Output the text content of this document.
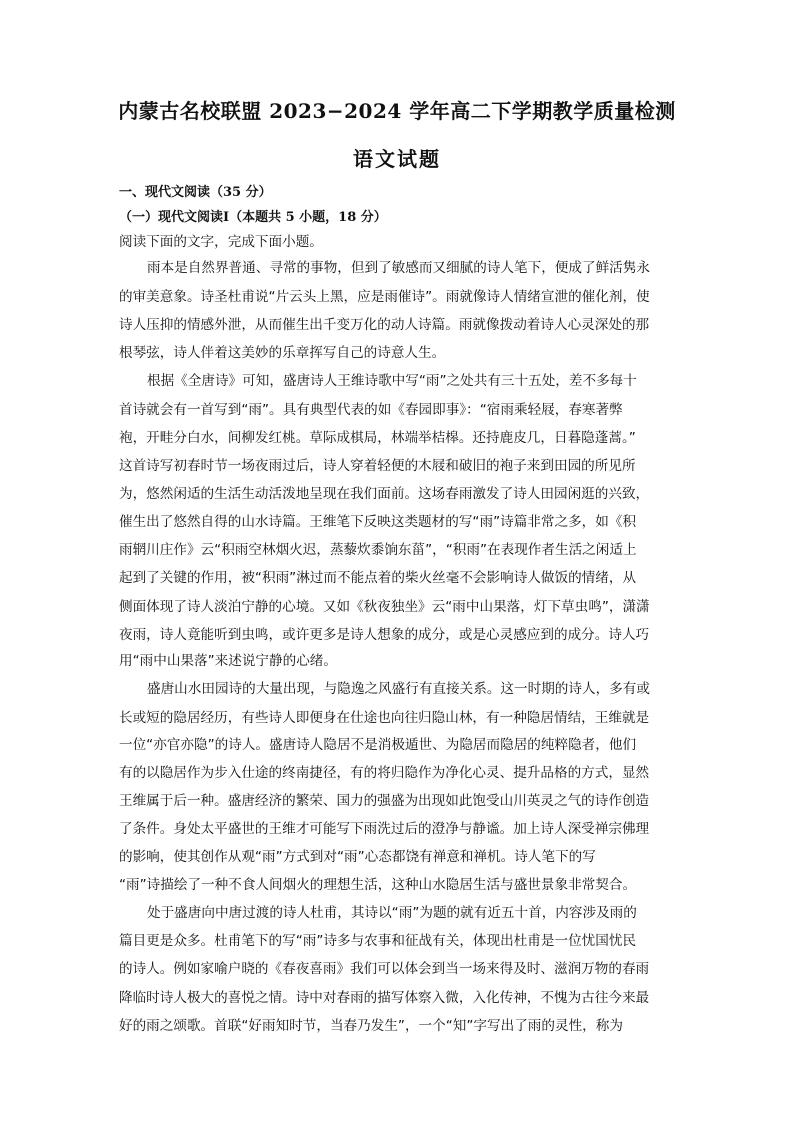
内蒙古名校联盟 2023−2024 学年高二下学期教学质量检测
语文试题
一、现代文阅读（35 分）
（一）现代文阅读Ⅰ（本题共 5 小题，18 分）
阅读下面的文字，完成下面小题。
雨本是自然界普通、寻常的事物，但到了敏感而又细腻的诗人笔下，便成了鲜活隽永
的审美意象。诗圣杜甫说“片云头上黑，应是雨催诗”。雨就像诗人情绪宣泄的催化剂，使
诗人压抑的情感外泄，从而催生出千变万化的动人诗篇。雨就像拨动着诗人心灵深处的那
根琴弦，诗人伴着这美妙的乐章挥写自己的诗意人生。
根据《全唐诗》可知，盛唐诗人王维诗歌中写“雨”之处共有三十五处，差不多每十
首诗就会有一首写到“雨”。具有典型代表的如《春园即事》：“宿雨乘轻屐，春寒著弊
袍，开畦分白水，间柳发红桃。草际成棋局，林端举桔槔。还持鹿皮几，日暮隐蓬蒿。”
这首诗写初春时节一场夜雨过后，诗人穿着轻便的木屐和破旧的袍子来到田园的所见所
为，悠然闲适的生活生动活泼地呈现在我们面前。这场春雨激发了诗人田园闲逛的兴致，
催生出了悠然自得的山水诗篇。王维笔下反映这类题材的写“雨”诗篇非常之多，如《积
雨辋川庄作》云“积雨空林烟火迟，蒸藜炊黍饷东菑”，“积雨”在表现作者生活之闲适上
起到了关键的作用，被“积雨”淋过而不能点着的柴火丝毫不会影响诗人做饭的情绪，从
侧面体现了诗人淡泊宁静的心境。又如《秋夜独坐》云“雨中山果落，灯下草虫鸣”，潇潇
夜雨，诗人竟能听到虫鸣，或许更多是诗人想象的成分，或是心灵感应到的成分。诗人巧
用“雨中山果落”来述说宁静的心绪。
盛唐山水田园诗的大量出现，与隐逸之风盛行有直接关系。这一时期的诗人，多有或
长或短的隐居经历，有些诗人即便身在仕途也向往归隐山林，有一种隐居情结，王维就是
一位“亦官亦隐”的诗人。盛唐诗人隐居不是消极遁世、为隐居而隐居的纯粹隐者，他们
有的以隐居作为步入仕途的终南捷径，有的将归隐作为净化心灵、提升品格的方式，显然
王维属于后一种。盛唐经济的繁荣、国力的强盛为出现如此饱受山川英灵之气的诗作创造
了条件。身处太平盛世的王维才可能写下雨洗过后的澄净与静谧。加上诗人深受禅宗佛理
的影响，使其创作从观“雨”方式到对“雨”心态都饶有禅意和禅机。诗人笔下的写
“雨”诗描绘了一种不食人间烟火的理想生活，这种山水隐居生活与盛世景象非常契合。
处于盛唐向中唐过渡的诗人杜甫，其诗以“雨”为题的就有近五十首，内容涉及雨的
篇目更是众多。杜甫笔下的写“雨”诗多与农事和征战有关，体现出杜甫是一位忧国忧民
的诗人。例如家喻户晓的《春夜喜雨》我们可以体会到当一场来得及时、滋润万物的春雨
降临时诗人极大的喜悦之情。诗中对春雨的描写体察入微，入化传神，不愧为古往今来最
好的雨之颂歌。首联“好雨知时节，当春乃发生”，一个“知”字写出了雨的灵性，称为
